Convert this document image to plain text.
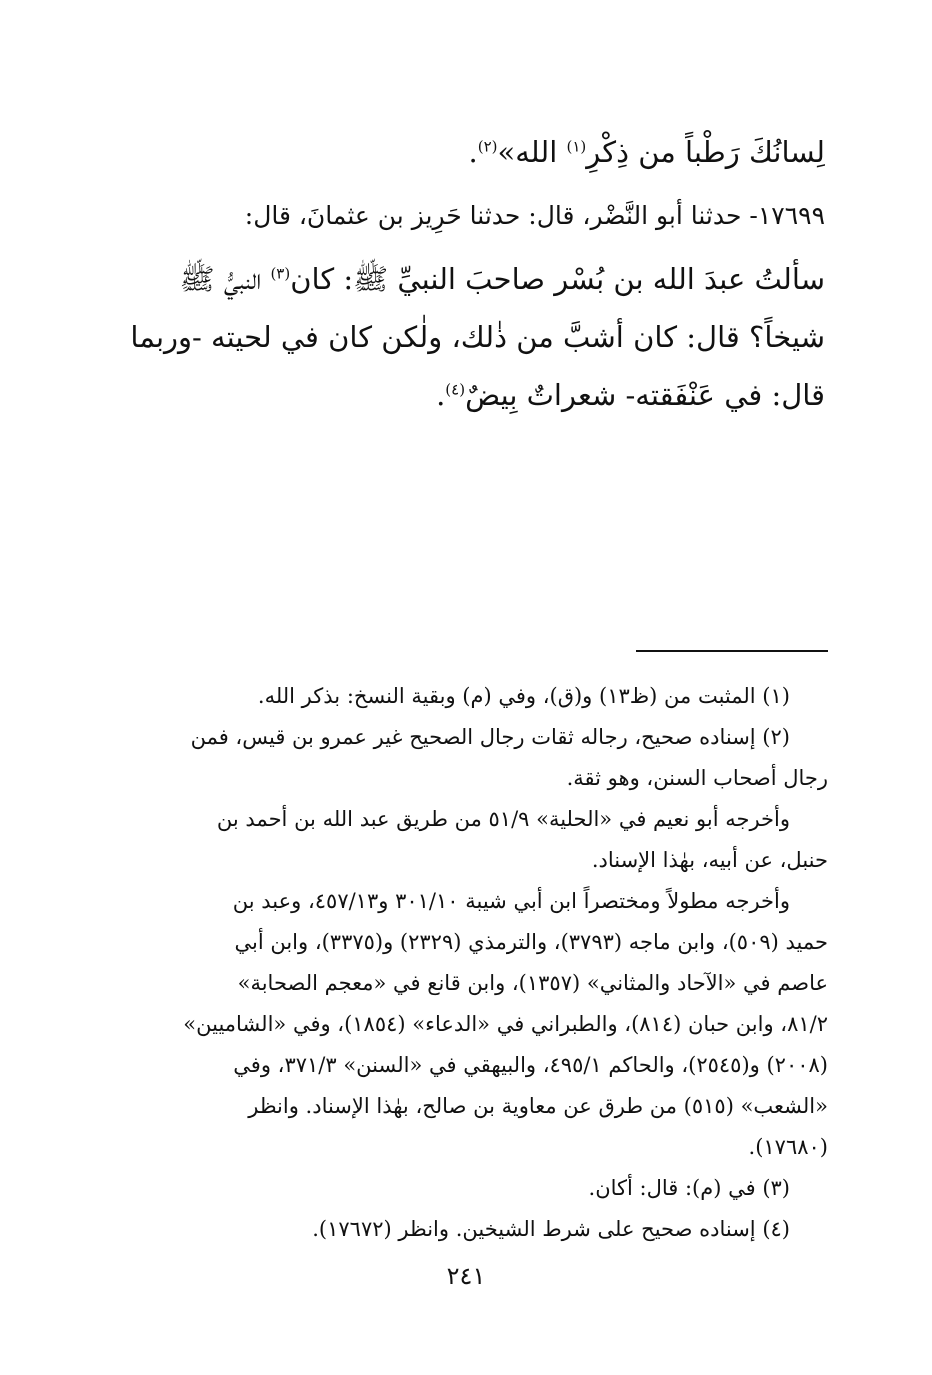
لِسانُكَ رَطْباً من ذِكْرِ$^{(١)}$ الله»$^{(٢)}$.
١٧٦٩٩- حدثنا أبو النَّضْر، قال: حدثنا حَرِيز بن عثمانَ، قال:
سألتُ عبدَ الله بن بُسْر صاحبَ النبيِّ ﷺ: كان$^{(٣)}$ النبيُّ ﷺ
شيخاً؟ قال: كان أشبَّ من ذٰلك، ولٰكن كان في لحيته -وربما
قال: في عَنْفَقته- شعراتٌ بِيضٌ$^{(٤)}$.
(١) المثبت من (ظ١٣) و(ق)، وفي (م) وبقية النسخ: بذكر الله.
(٢) إسناده صحيح، رجاله ثقات رجال الصحيح غير عمرو بن قيس، فمن
رجال أصحاب السنن، وهو ثقة.
وأخرجه أبو نعيم في «الحلية» ٥١/٩ من طريق عبد الله بن أحمد بن
حنبل، عن أبيه، بهٰذا الإسناد.
وأخرجه مطولاً ومختصراً ابن أبي شيبة ٣٠١/١٠ و٤٥٧/١٣، وعبد بن
حميد (٥٠٩)، وابن ماجه (٣٧٩٣)، والترمذي (٢٣٢٩) و(٣٣٧٥)، وابن أبي
عاصم في «الآحاد والمثاني» (١٣٥٧)، وابن قانع في «معجم الصحابة»
٨١/٢، وابن حبان (٨١٤)، والطبراني في «الدعاء» (١٨٥٤)، وفي «الشاميين»
(٢٠٠٨) و(٢٥٤٥)، والحاكم ٤٩٥/١، والبيهقي في «السنن» ٣٧١/٣، وفي
«الشعب» (٥١٥) من طرق عن معاوية بن صالح، بهٰذا الإسناد. وانظر
(١٧٦٨٠).
(٣) في (م): قال: أكان.
(٤) إسناده صحيح على شرط الشيخين. وانظر (١٧٦٧٢).
٢٤١
